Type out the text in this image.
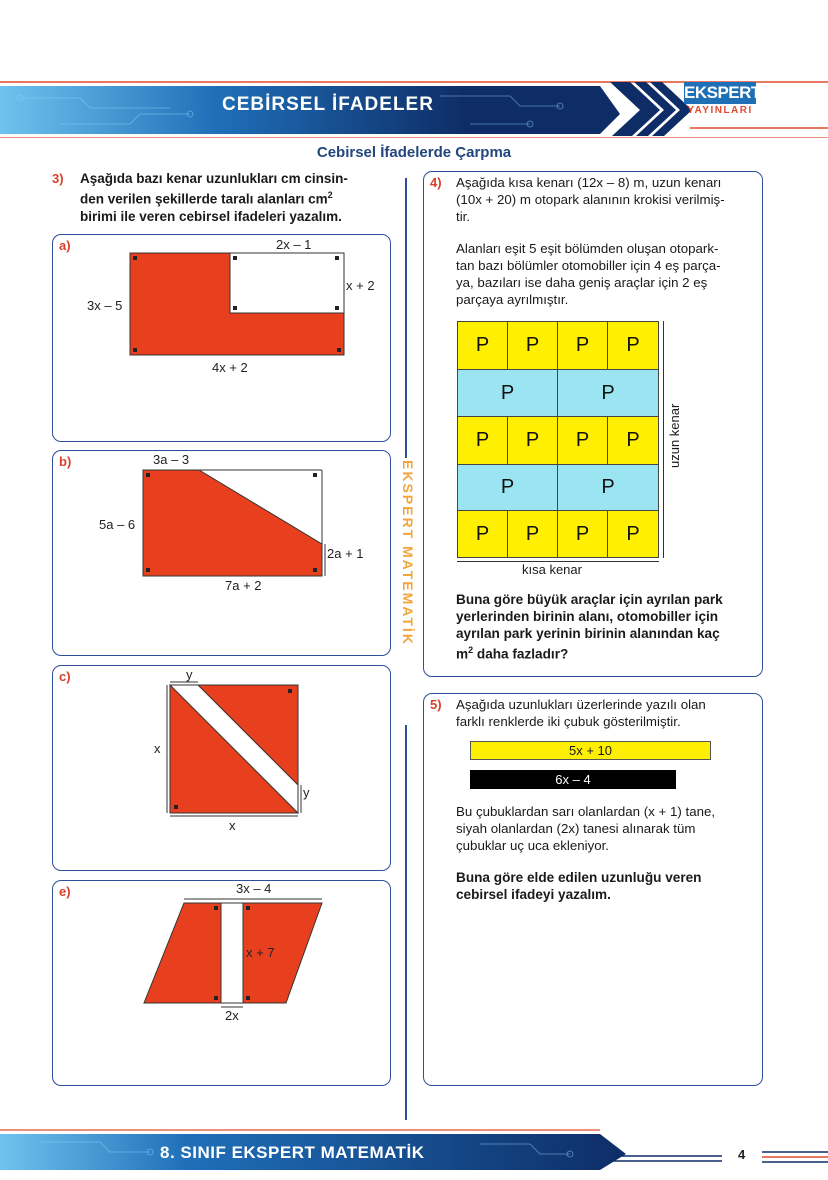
CEBİRSEL İFADELER
EKSPERT
YAYINLARI
Cebirsel İfadelerde Çarpma
EKSPERT MATEMATİK
3) Aşağıda bazı kenar uzunlukları cm cinsin-
den verilen şekillerde taralı alanları $cm^2$
birimi ile veren cebirsel ifadeleri yazalım.
a)	2x – 1
x + 2
3x – 5
4x + 2
b)	3a – 3
5a – 6
2a + 1
7a + 2
c)	y
x
y
x
e)	3x – 4
x + 7
2x
4) Aşağıda kısa kenarı (12x – 8) m, uzun kenarı
(10x + 20) m otopark alanının krokisi verilmiş-
tir.
Alanları eşit 5 eşit bölümden oluşan otopark-
tan bazı bölümler otomobiller için 4 eş parça-
ya, bazıları ise daha geniş araçlar için 2 eş
parçaya ayrılmıştır.
P	P	P	P
P	P
P	P	P	P
P	P
P	P	P	P
uzun kenar
kısa kenar
Buna göre büyük araçlar için ayrılan park
yerlerinden birinin alanı, otomobiller için
ayrılan park yerinin birinin alanından kaç
$m^2$ daha fazladır?
5) Aşağıda uzunlukları üzerlerinde yazılı olan
farklı renklerde iki çubuk gösterilmiştir.
5x + 10
6x – 4
Bu çubuklardan sarı olanlardan (x + 1) tane,
siyah olanlardan (2x) tanesi alınarak tüm
çubuklar uç uca ekleniyor.
Buna göre elde edilen uzunluğu veren
cebirsel ifadeyi yazalım.
8. SINIF EKSPERT MATEMATİK	4
